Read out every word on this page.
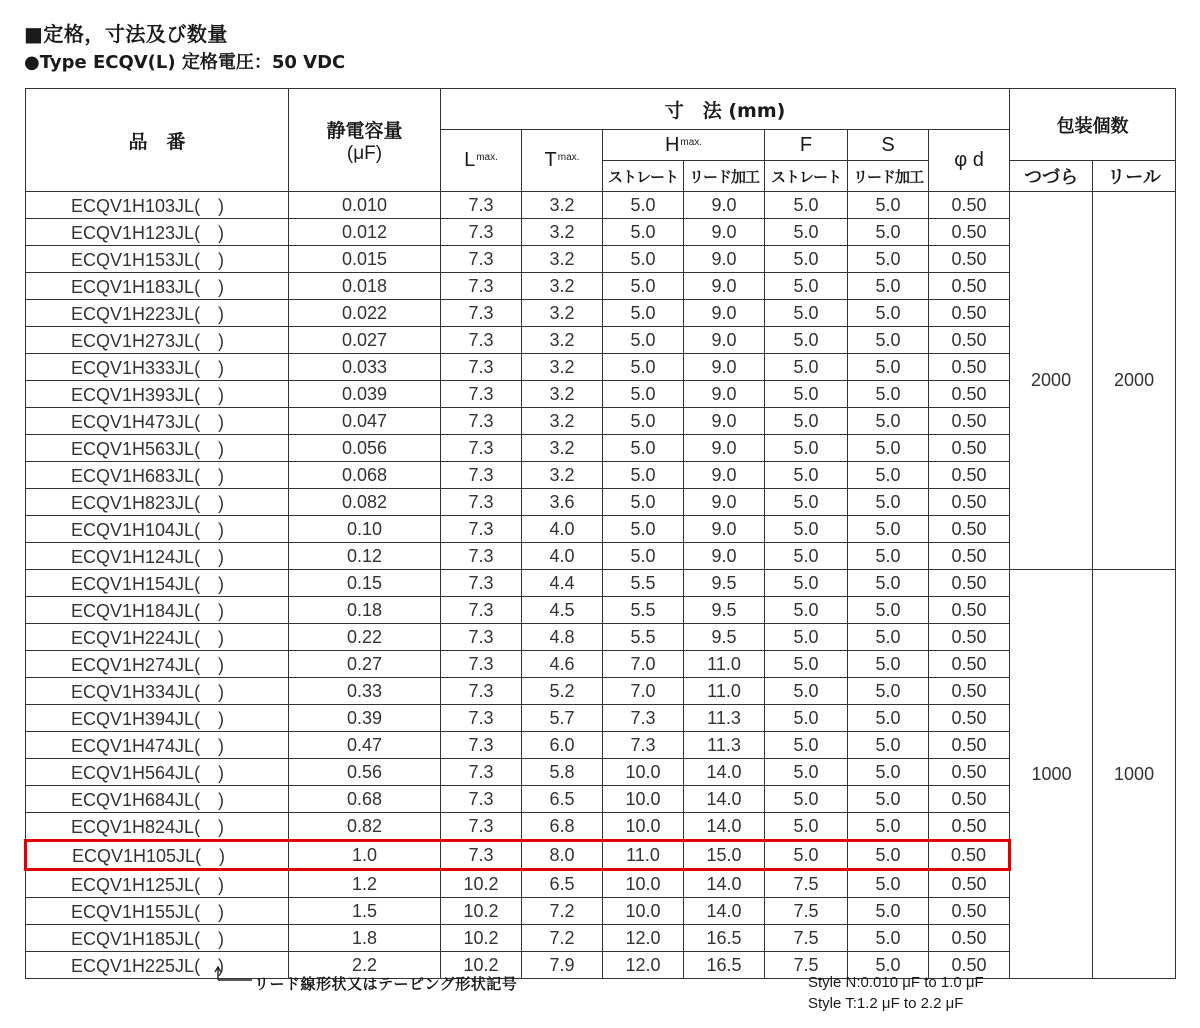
■定格，寸法及び数量
●Type ECQV(L) 定格電圧：50 VDC
品　番	静電容量
(μF)	寸　法 (mm)							包装個数	
		$L^{max.}$	$T^{max.}$	$H^{max.}$		F	S	φ d		
				ストレート	リード加工	ストレート	リード加工		つづら	リール
ECQV1H103JL(　)	0.010	7.3	3.2	5.0	9.0	5.0	5.0	0.50	2000	2000
ECQV1H123JL(　)	0.012	7.3	3.2	5.0	9.0	5.0	5.0	0.50		
ECQV1H153JL(　)	0.015	7.3	3.2	5.0	9.0	5.0	5.0	0.50		
ECQV1H183JL(　)	0.018	7.3	3.2	5.0	9.0	5.0	5.0	0.50		
ECQV1H223JL(　)	0.022	7.3	3.2	5.0	9.0	5.0	5.0	0.50		
ECQV1H273JL(　)	0.027	7.3	3.2	5.0	9.0	5.0	5.0	0.50		
ECQV1H333JL(　)	0.033	7.3	3.2	5.0	9.0	5.0	5.0	0.50		
ECQV1H393JL(　)	0.039	7.3	3.2	5.0	9.0	5.0	5.0	0.50		
ECQV1H473JL(　)	0.047	7.3	3.2	5.0	9.0	5.0	5.0	0.50		
ECQV1H563JL(　)	0.056	7.3	3.2	5.0	9.0	5.0	5.0	0.50		
ECQV1H683JL(　)	0.068	7.3	3.2	5.0	9.0	5.0	5.0	0.50		
ECQV1H823JL(　)	0.082	7.3	3.6	5.0	9.0	5.0	5.0	0.50		
ECQV1H104JL(　)	0.10	7.3	4.0	5.0	9.0	5.0	5.0	0.50		
ECQV1H124JL(　)	0.12	7.3	4.0	5.0	9.0	5.0	5.0	0.50		
ECQV1H154JL(　)	0.15	7.3	4.4	5.5	9.5	5.0	5.0	0.50	1000	1000
ECQV1H184JL(　)	0.18	7.3	4.5	5.5	9.5	5.0	5.0	0.50		
ECQV1H224JL(　)	0.22	7.3	4.8	5.5	9.5	5.0	5.0	0.50		
ECQV1H274JL(　)	0.27	7.3	4.6	7.0	11.0	5.0	5.0	0.50		
ECQV1H334JL(　)	0.33	7.3	5.2	7.0	11.0	5.0	5.0	0.50		
ECQV1H394JL(　)	0.39	7.3	5.7	7.3	11.3	5.0	5.0	0.50		
ECQV1H474JL(　)	0.47	7.3	6.0	7.3	11.3	5.0	5.0	0.50		
ECQV1H564JL(　)	0.56	7.3	5.8	10.0	14.0	5.0	5.0	0.50		
ECQV1H684JL(　)	0.68	7.3	6.5	10.0	14.0	5.0	5.0	0.50		
ECQV1H824JL(　)	0.82	7.3	6.8	10.0	14.0	5.0	5.0	0.50		
ECQV1H105JL(　)	1.0	7.3	8.0	11.0	15.0	5.0	5.0	0.50		
ECQV1H125JL(　)	1.2	10.2	6.5	10.0	14.0	7.5	5.0	0.50		
ECQV1H155JL(　)	1.5	10.2	7.2	10.0	14.0	7.5	5.0	0.50		
ECQV1H185JL(　)	1.8	10.2	7.2	12.0	16.5	7.5	5.0	0.50		
ECQV1H225JL(　)	2.2	10.2	7.9	12.0	16.5	7.5	5.0	0.50		
リード線形状又はテーピング形状記号	Style N:0.010 μF to 1.0 μF
Style T:1.2 μF to 2.2 μF
